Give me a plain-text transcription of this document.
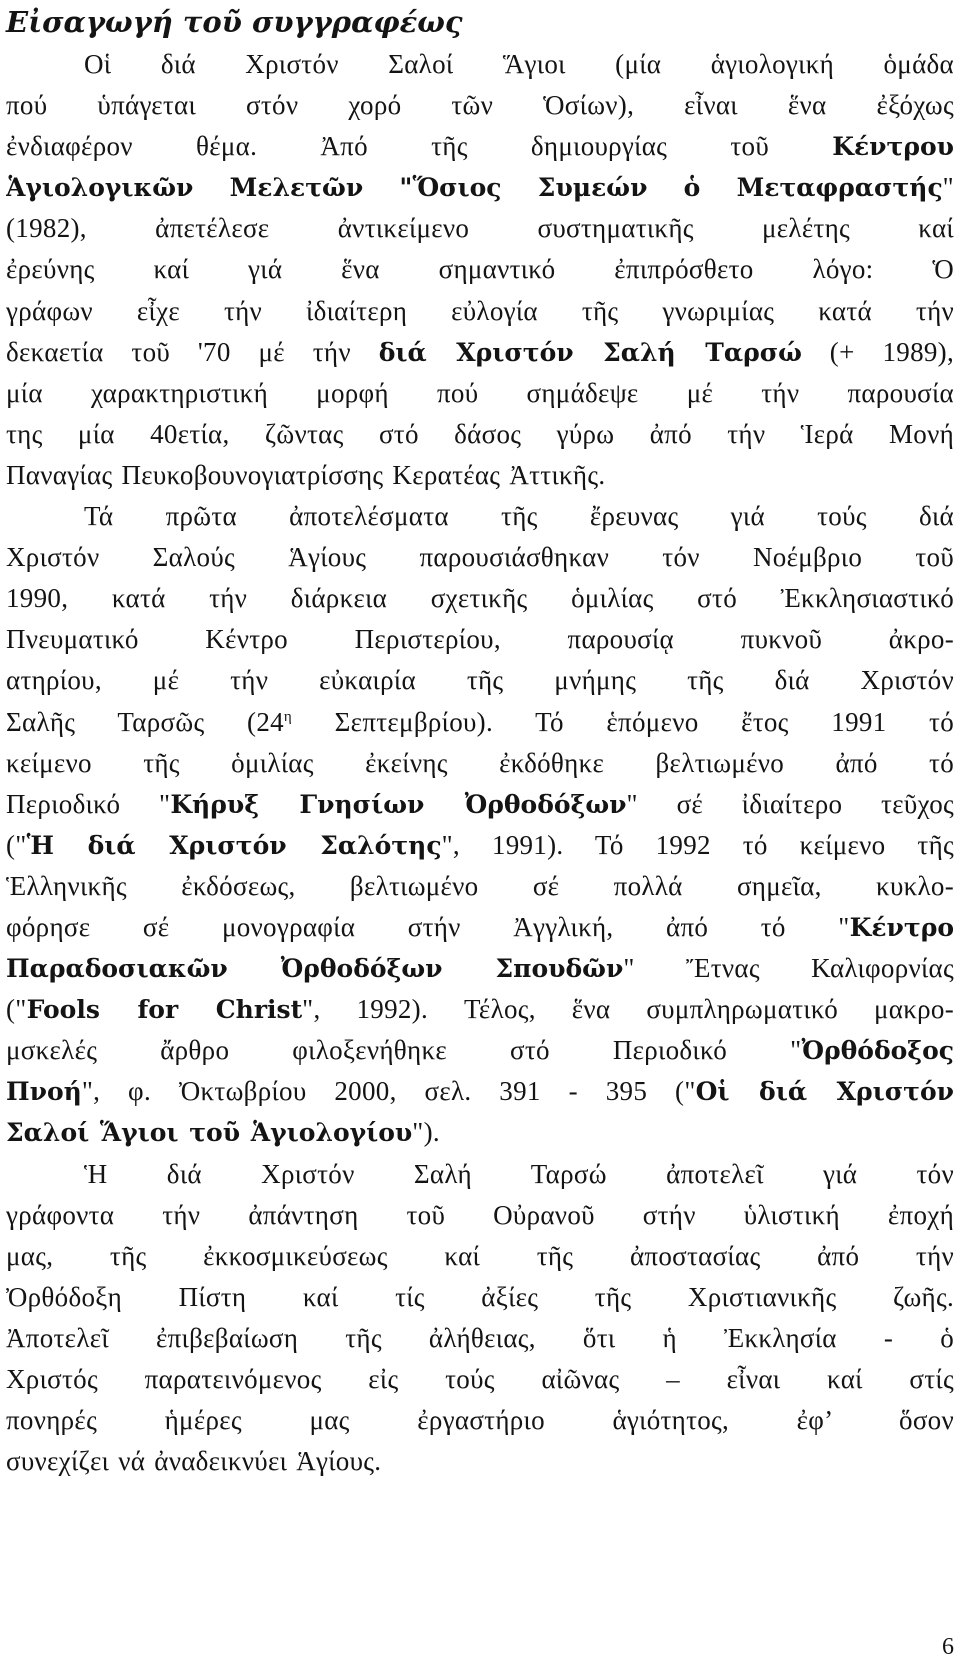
Εἰσαγωγή τοῦ συγγραφέως
Οἱ διά Χριστόν Σαλοί Ἅγιοι (μία ἁγιολογική ὁμάδα
πού ὑπάγεται στόν χορό τῶν Ὁσίων), εἶναι ἕνα ἐξόχως
ἐνδιαφέρον θέμα. Ἀπό τῆς δημιουργίας τοῦ Κέντρου
Ἁγιολογικῶν Μελετῶν "Ὅσιος Συμεών ὁ Μεταφραστής"
(1982), ἀπετέλεσε ἀντικείμενο συστηματικῆς μελέτης καί
ἐρεύνης καί γιά ἕνα σημαντικό ἐπιπρόσθετο λόγο: Ὁ
γράφων εἶχε τήν ἰδιαίτερη εὐλογία τῆς γνωριμίας κατά τήν
δεκαετία τοῦ '70 μέ τήν διά Χριστόν Σαλή Ταρσώ (+ 1989),
μία χαρακτηριστική μορφή πού σημάδεψε μέ τήν παρουσία
της μία 40ετία, ζῶντας στό δάσος γύρω ἀπό τήν Ἱερά Μονή
Παναγίας Πευκοβουνογιατρίσσης Κερατέας Ἀττικῆς.
Τά πρῶτα ἀποτελέσματα τῆς ἔρευνας γιά τούς διά
Χριστόν Σαλούς Ἁγίους παρουσιάσθηκαν τόν Νοέμβριο τοῦ
1990, κατά τήν διάρκεια σχετικῆς ὁμιλίας στό Ἐκκλησιαστικό
Πνευματικό Κέντρο Περιστερίου, παρουσίᾳ πυκνοῦ ἀκρο-
ατηρίου, μέ τήν εὐκαιρία τῆς μνήμης τῆς διά Χριστόν
Σαλῆς Ταρσῶς ($24^\eta$ Σεπτεμβρίου). Τό ἑπόμενο ἔτος 1991 τό
κείμενο τῆς ὁμιλίας ἐκείνης ἐκδόθηκε βελτιωμένο ἀπό τό
Περιοδικό "Κήρυξ Γνησίων Ὀρθοδόξων" σέ ἰδιαίτερο τεῦχος
("Ἡ διά Χριστόν Σαλότης", 1991). Τό 1992 τό κείμενο τῆς
Ἑλληνικῆς ἐκδόσεως, βελτιωμένο σέ πολλά σημεῖα, κυκλο-
φόρησε σέ μονογραφία στήν Ἀγγλική, ἀπό τό "Κέντρο
Παραδοσιακῶν Ὀρθοδόξων Σπουδῶν" Ἔτνας Καλιφορνίας
("Fools for Christ", 1992). Τέλος, ἕνα συμπληρωματικό μακρο-
μσκελές ἄρθρο φιλοξενήθηκε στό Περιοδικό "Ὀρθόδοξος
Πνοή", φ. Ὀκτωβρίου 2000, σελ. 391 - 395 ("Οἱ διά Χριστόν
Σαλοί Ἅγιοι τοῦ Ἁγιολογίου").
Ἡ διά Χριστόν Σαλή Ταρσώ ἀποτελεῖ γιά τόν
γράφοντα τήν ἀπάντηση τοῦ Οὐρανοῦ στήν ὑλιστική ἐποχή
μας, τῆς ἐκκοσμικεύσεως καί τῆς ἀποστασίας ἀπό τήν
Ὀρθόδοξη Πίστη καί τίς ἀξίες τῆς Χριστιανικῆς ζωῆς.
Ἀποτελεῖ ἐπιβεβαίωση τῆς ἀλήθειας, ὅτι ἡ Ἐκκλησία - ὁ
Χριστός παρατεινόμενος εἰς τούς αἰῶνας – εἶναι καί στίς
πονηρές ἡμέρες μας ἐργαστήριο ἁγιότητος, ἐφ’ ὅσον
συνεχίζει νά ἀναδεικνύει Ἁγίους.
6
